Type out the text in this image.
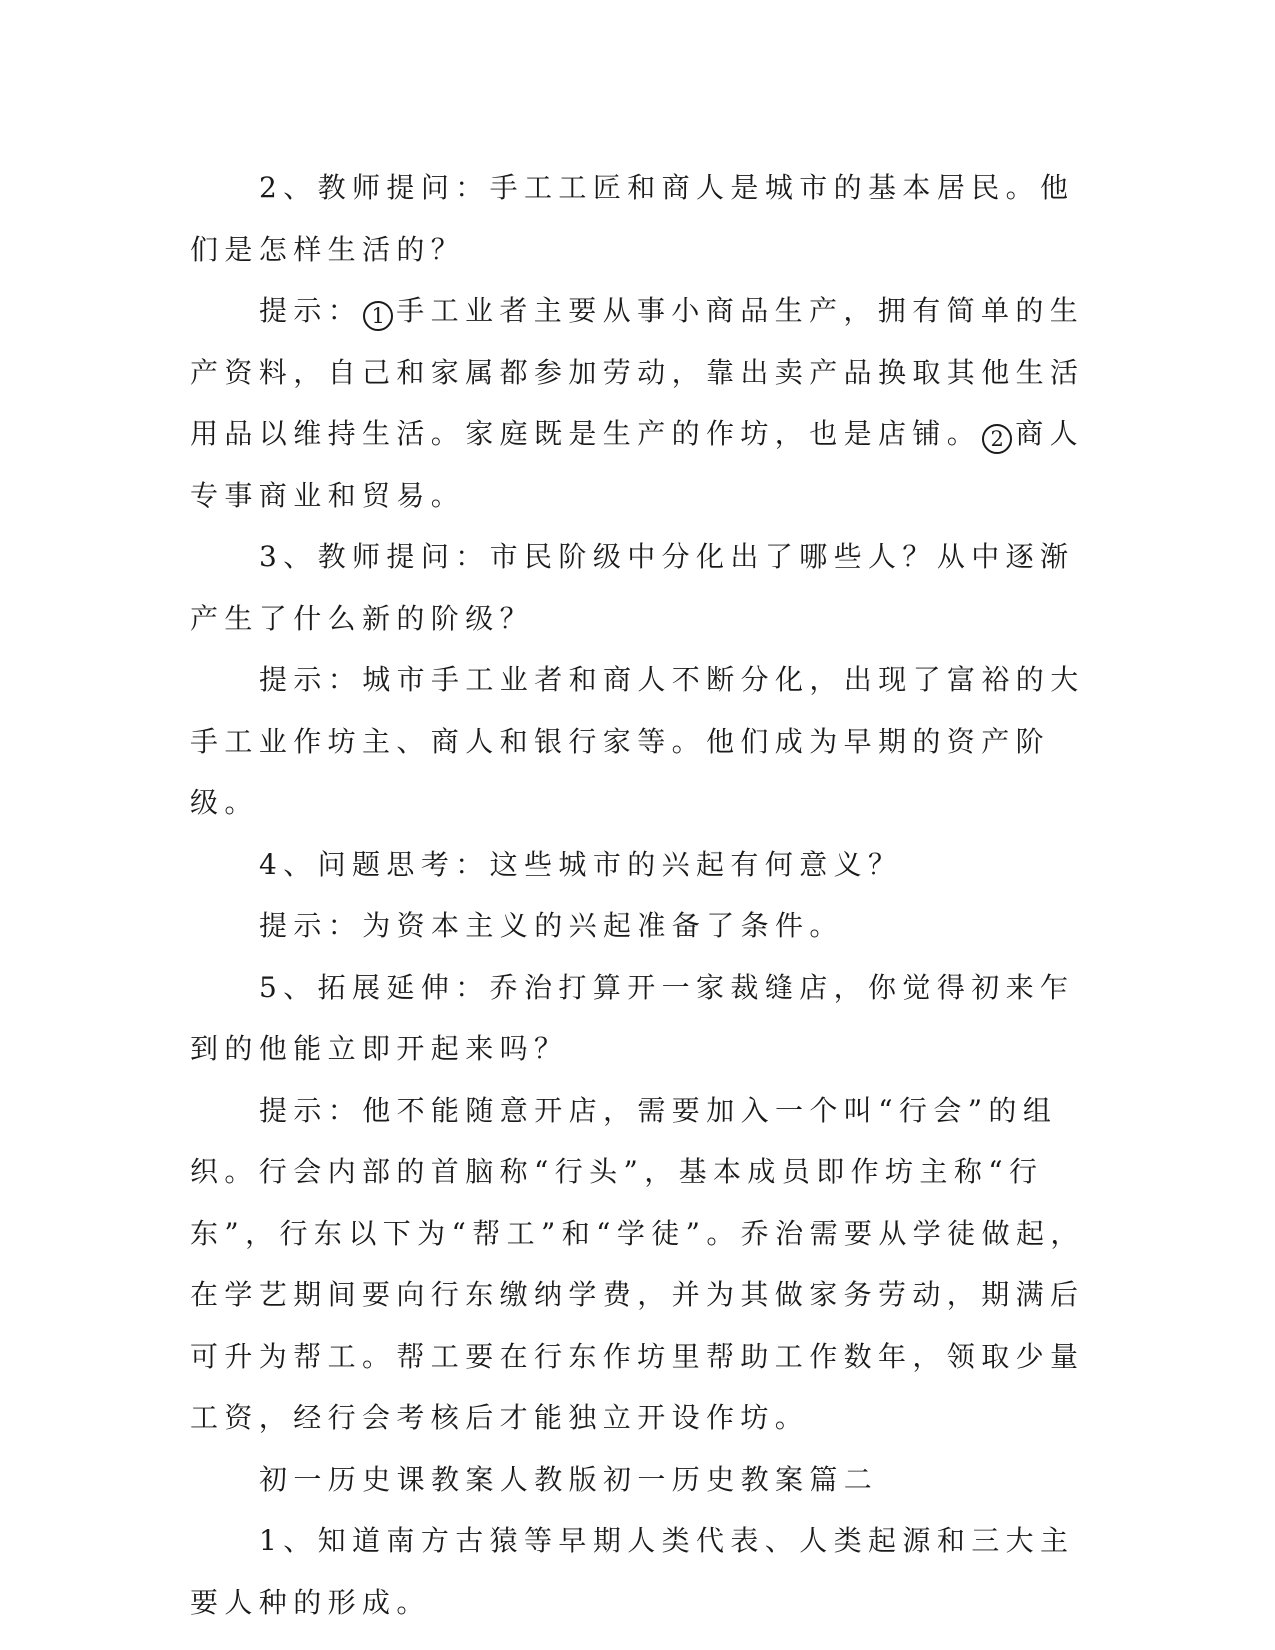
2、教师提问：手工工匠和商人是城市的基本居民。他们是怎样生活的？

提示： 1 手工业者主要从事小商品生产，拥有简单的生产资料，自己和家属都参加劳动，靠出卖产品换取其他生活用品以维持生活。家庭既是生产的作坊，也是店铺。 2 商人专事商业和贸易。

3、教师提问：市民阶级中分化出了哪些人？从中逐渐产生了什么新的阶级？

提示：城市手工业者和商人不断分化，出现了富裕的大手工业作坊主、商人和银行家等。他们成为早期的资产阶级。

4、问题思考：这些城市的兴起有何意义？

提示：为资本主义的兴起准备了条件。

5、拓展延伸：乔治打算开一家裁缝店，你觉得初来乍到的他能立即开起来吗？

提示：他不能随意开店，需要加入一个叫“行会”的组织。行会内部的首脑称“行头”，基本成员即作坊主称“行东”，行东以下为“帮工”和“学徒”。乔治需要从学徒做起，在学艺期间要向行东缴纳学费，并为其做家务劳动，期满后可升为帮工。帮工要在行东作坊里帮助工作数年，领取少量工资，经行会考核后才能独立开设作坊。

初一历史课教案人教版初一历史教案篇二

1、知道南方古猿等早期人类代表、人类起源和三大主要人种的形成。
